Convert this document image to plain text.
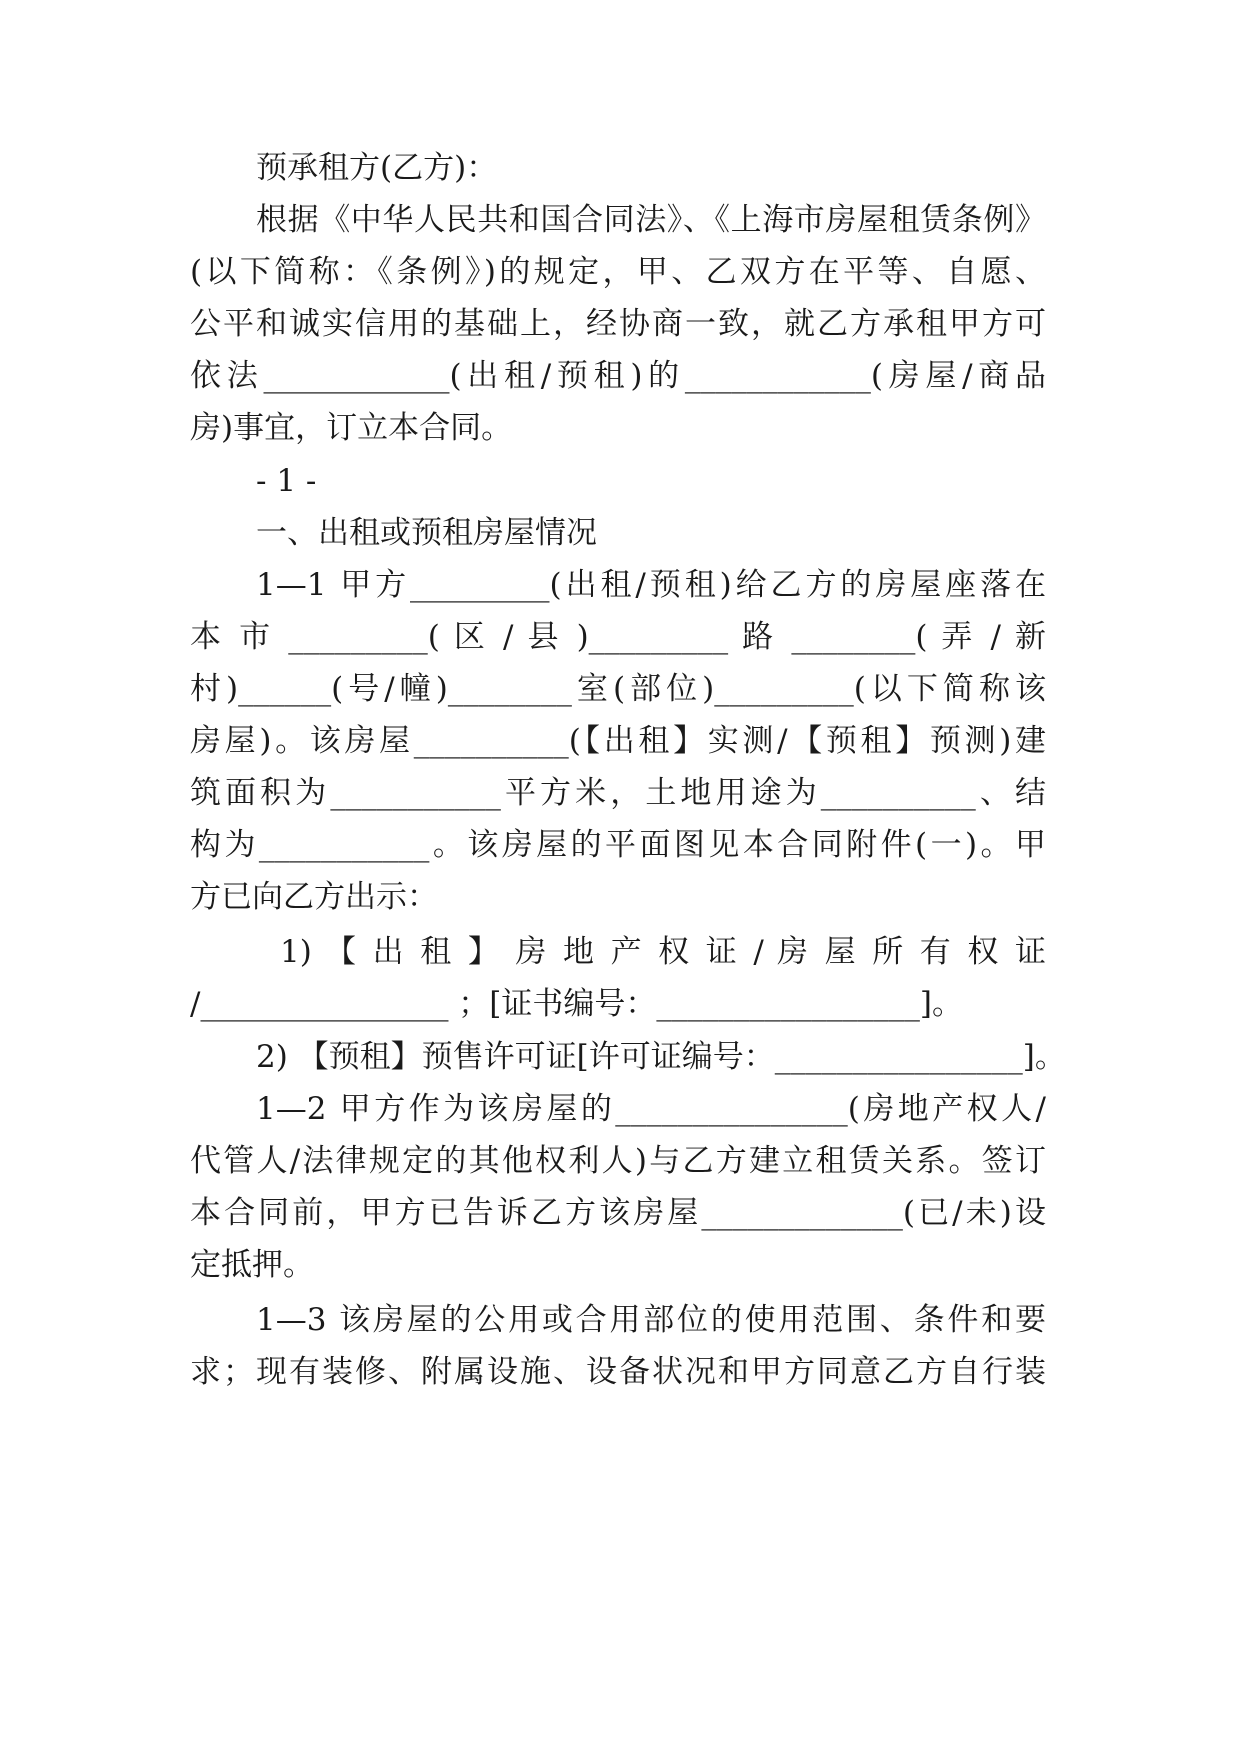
预承租方(乙方)：
根据《中华人民共和国合同法》、《上海市房屋租赁条例》
(以下简称：《条例》)的规定，甲、乙双方在平等、自愿、
公平和诚实信用的基础上，经协商一致，就乙方承租甲方可
依法____________(出租/预租)的____________(房屋/商品
房)事宜，订立本合同。
- 1 -
一、出租或预租房屋情况
1—1 甲方_________(出租/预租)给乙方的房屋座落在
本 市 _________( 区 / 县 )_________ 路 ________( 弄 / 新
村)______(号/幢)________室(部位)_________(以下简称该
房屋)。该房屋__________(【出租】实测/【预租】预测)建
筑面积为___________平方米，土地用途为__________、结
构为___________。该房屋的平面图见本合同附件(一)。甲
方已向乙方出示：
1) 【 出 租 】 房 地 产 权 证 / 房 屋 所 有 权 证
/________________ ；[证书编号：_________________]。
2) 【预租】预售许可证[许可证编号：________________]。
1—2 甲方作为该房屋的_______________(房地产权人/
代管人/法律规定的其他权利人)与乙方建立租赁关系。签订
本合同前，甲方已告诉乙方该房屋_____________(已/未)设
定抵押。
1—3 该房屋的公用或合用部位的使用范围、条件和要
求；现有装修、附属设施、设备状况和甲方同意乙方自行装
